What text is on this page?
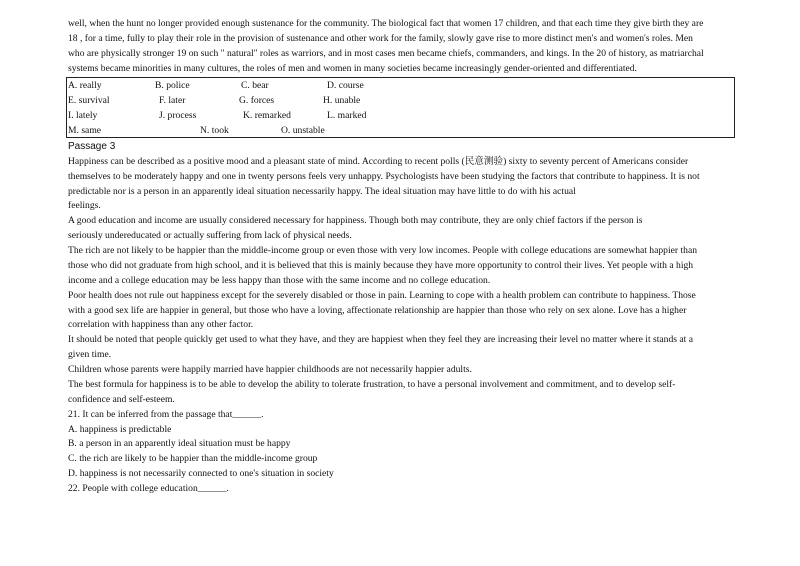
well, when the hunt no longer provided enough sustenance for the community. The biological fact that women 17 children, and that each time they give birth they are
18 , for a time, fully to play their role in the provision of sustenance and other work for the family, slowly gave rise to more distinct men's and women's roles. Men
who are physically stronger 19 on such " natural" roles as warriors, and in most cases men became chiefs, commanders, and kings. In the 20 of history, as matriarchal
systems became minorities in many cultures, the roles of men and women in many societies became increasingly gender-oriented and differentiated.
A. really	B. police	C. bear	D. course
E. survival	F. later	G. forces	H. unable
I. lately	J. process	K. remarked	L. marked
M. same	N. took	O. unstable
Passage 3
Happiness can be described as a positive mood and a pleasant state of mind. According to recent polls (民意测验) sixty to seventy percent of Americans consider
themselves to be moderately happy and one in twenty persons feels very unhappy. Psychologists have been studying the factors that contribute to happiness. It is not
predictable nor is a person in an apparently ideal situation necessarily happy. The ideal situation may have little to do with his actual
feelings.
A good education and income are usually considered necessary for happiness. Though both may contribute, they are only chief factors if the person is
seriously undereducated or actually suffering from lack of physical needs.
The rich are not likely to be happier than the middle-income group or even those with very low incomes. People with college educations are somewhat happier than
those who did not graduate from high school, and it is believed that this is mainly because they have more opportunity to control their lives. Yet people with a high
income and a college education may be less happy than those with the same income and no college education.
Poor health does not rule out happiness except for the severely disabled or those in pain. Learning to cope with a health problem can contribute to happiness. Those
with a good sex life are happier in general, but those who have a loving, affectionate relationship are happier than those who rely on sex alone. Love has a higher
correlation with happiness than any other factor.
It should be noted that people quickly get used to what they have, and they are happiest when they feel they are increasing their level no matter where it stands at a
given time.
Children whose parents were happily married have happier childhoods are not necessarily happier adults.
The best formula for happiness is to be able to develop the ability to tolerate frustration, to have a personal involvement and commitment, and to develop self-
confidence and self-esteem.
21. It can be inferred from the passage that______.
A. happiness is predictable
B. a person in an apparently ideal situation must be happy
C. the rich are likely to be happier than the middle-income group
D. happiness is not necessarily connected to one's situation in society
22. People with college education______.
